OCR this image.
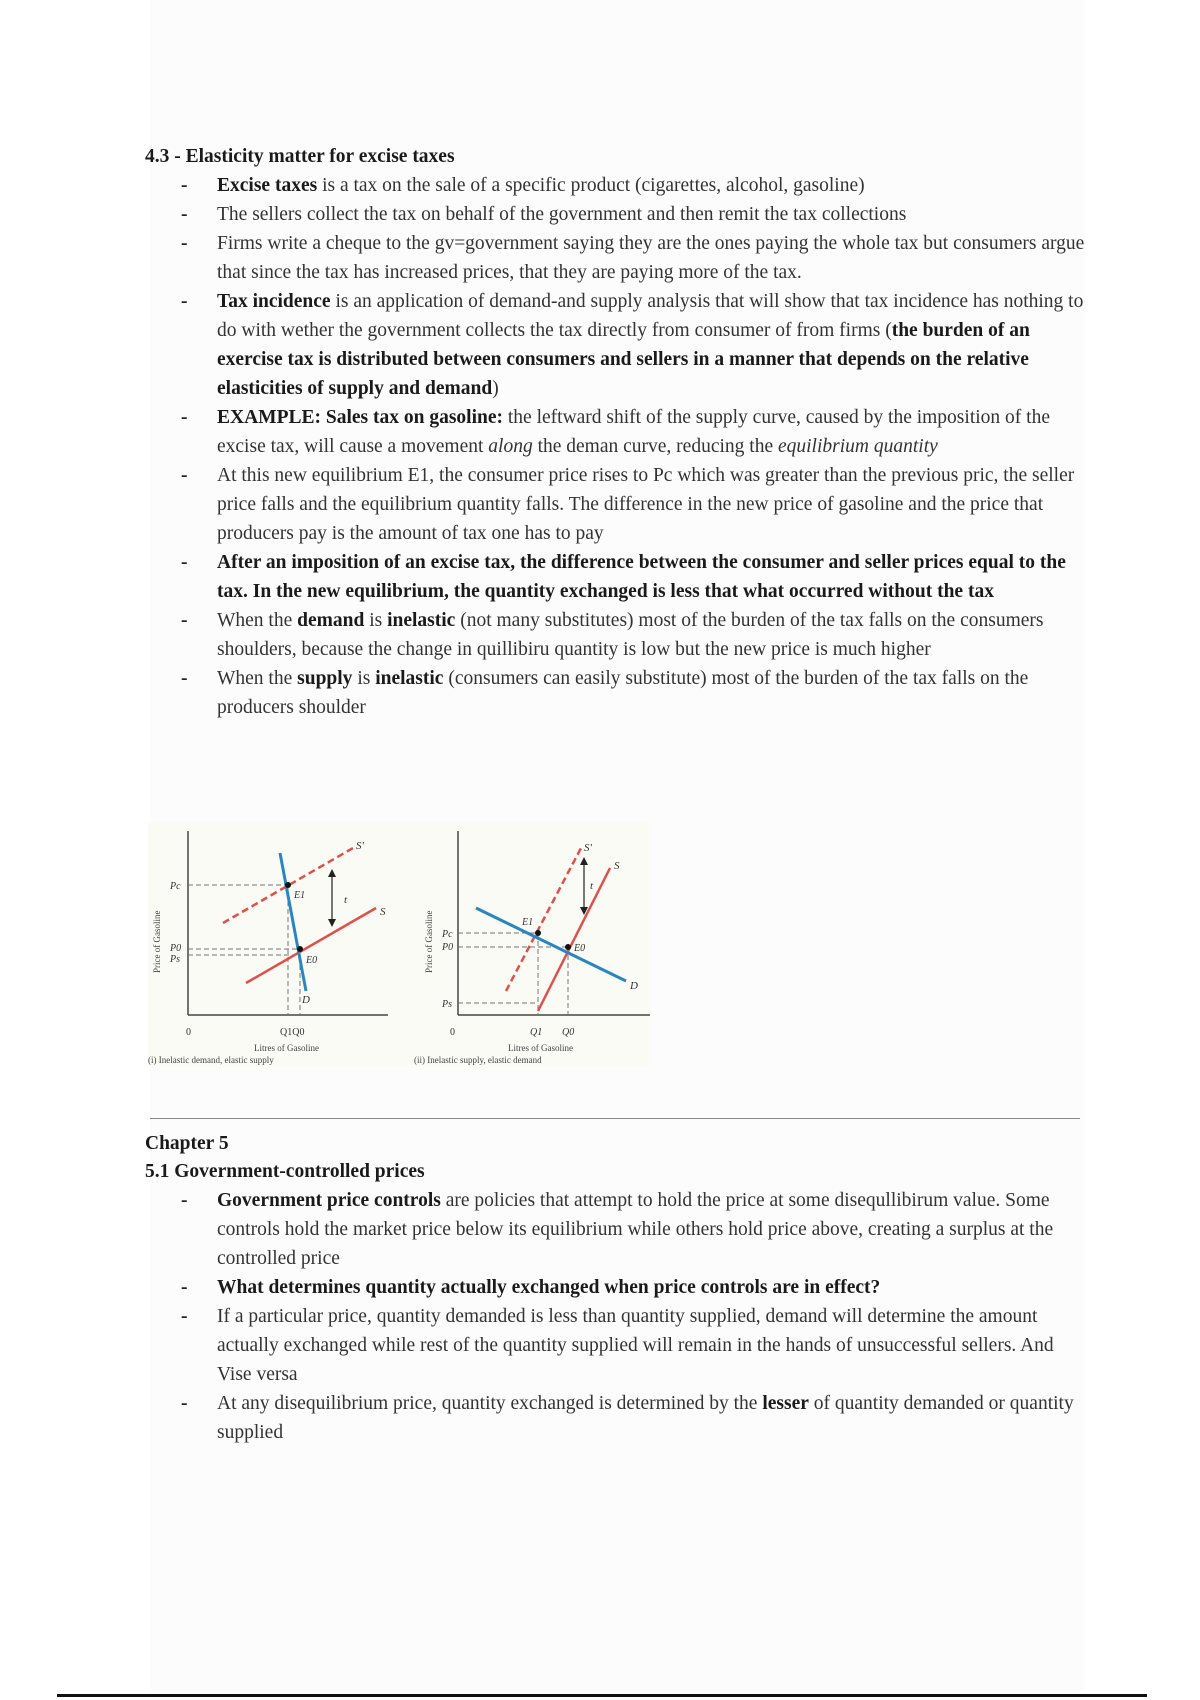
4.3 - Elasticity matter for excise taxes

- Excise taxes is a tax on the sale of a specific product (cigarettes, alcohol, gasoline)
- The sellers collect the tax on behalf of the government and then remit the tax collections
- Firms write a cheque to the gv=government saying they are the ones paying the whole tax but consumers argue that since the tax has increased prices, that they are paying more of the tax.
- Tax incidence is an application of demand-and supply analysis that will show that tax incidence has nothing to do with wether the government collects the tax directly from consumer of from firms (the burden of an exercise tax is distributed between consumers and sellers in a manner that depends on the relative elasticities of supply and demand)
- EXAMPLE: Sales tax on gasoline: the leftward shift of the supply curve, caused by the imposition of the excise tax, will cause a movement along the deman curve, reducing the equilibrium quantity
- At this new equilibrium E1, the consumer price rises to Pc which was greater than the previous pric, the seller price falls and the equilibrium quantity falls. The difference in the new price of gasoline and the price that producers pay is the amount of tax one has to pay
- After an imposition of an excise tax, the difference between the consumer and seller prices equal to the tax. In the new equilibrium, the quantity exchanged is less that what occurred without the tax
- When the demand is inelastic (not many substitutes) most of the burden of the tax falls on the consumers shoulders, because the change in quillibiru quantity is low but the new price is much higher
- When the supply is inelastic (consumers can easily substitute) most of the burden of the tax falls on the producers shoulder
t
S'
S
D
E1
E0
Pc
P0
Ps
0	Q1Q0
Litres of Gasoline
(i) Inelastic demand, elastic supply
Price of Gasoline
t
S'
S
D
E1
E0
Pc
P0
Ps
0	Q1 Q0
Litres of Gasoline
(ii) Inelastic supply, elastic demand
Price of Gasoline

Chapter 5

5.1 Government-controlled prices

- Government price controls are policies that attempt to hold the price at some disequllibirum value. Some controls hold the market price below its equilibrium while others hold price above, creating a surplus at the controlled price
- What determines quantity actually exchanged when price controls are in effect?
- If a particular price, quantity demanded is less than quantity supplied, demand will determine the amount actually exchanged while rest of the quantity supplied will remain in the hands of unsuccessful sellers. And Vise versa
- At any disequilibrium price, quantity exchanged is determined by the lesser of quantity demanded or quantity supplied
